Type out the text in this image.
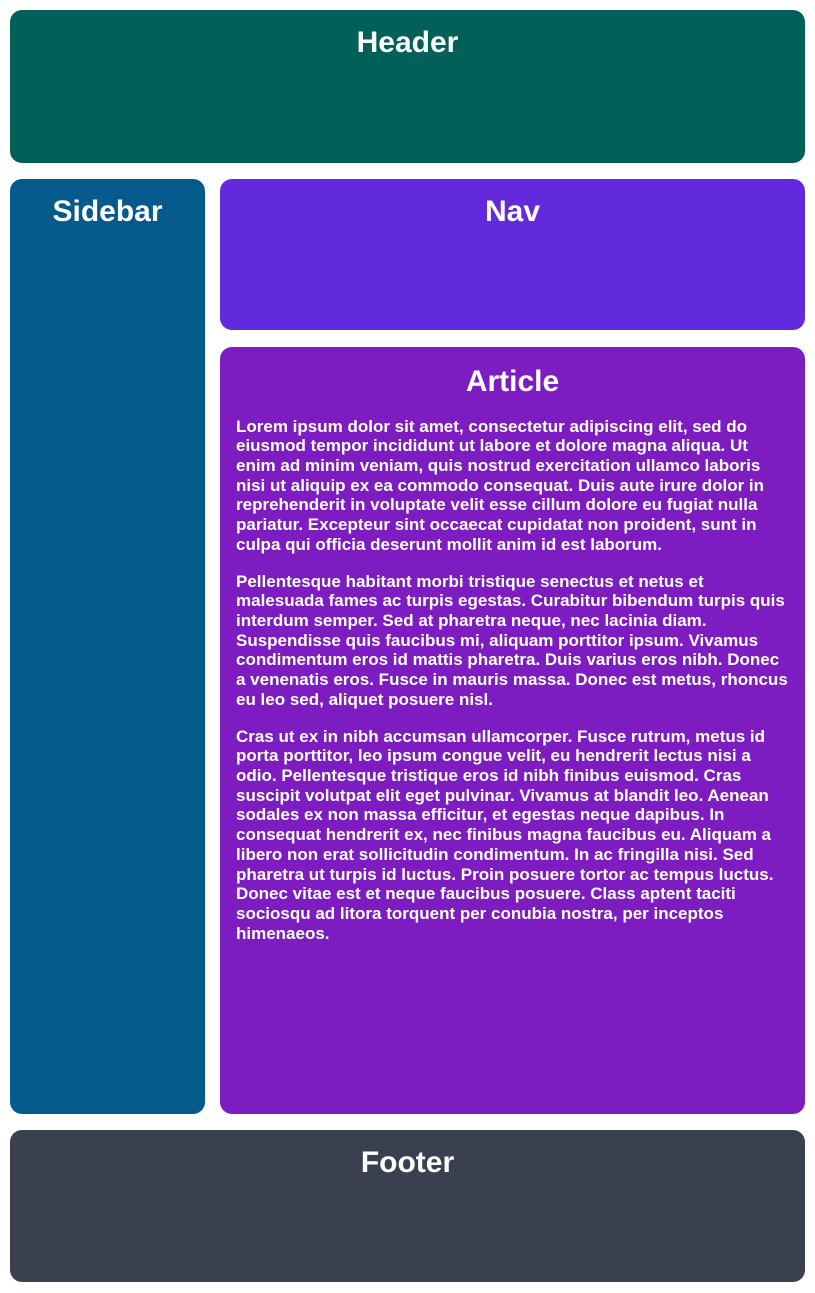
Header
Sidebar	Nav
Article

Lorem ipsum dolor sit amet, consectetur adipiscing elit, sed do eiusmod tempor incididunt ut labore et dolore magna aliqua. Ut enim ad minim veniam, quis nostrud exercitation ullamco laboris nisi ut aliquip ex ea commodo consequat. Duis aute irure dolor in reprehenderit in voluptate velit esse cillum dolore eu fugiat nulla pariatur. Excepteur sint occaecat cupidatat non proident, sunt in culpa qui officia deserunt mollit anim id est laborum.

Pellentesque habitant morbi tristique senectus et netus et malesuada fames ac turpis egestas. Curabitur bibendum turpis quis interdum semper. Sed at pharetra neque, nec lacinia diam. Suspendisse quis faucibus mi, aliquam porttitor ipsum. Vivamus condimentum eros id mattis pharetra. Duis varius eros nibh. Donec a venenatis eros. Fusce in mauris massa. Donec est metus, rhoncus eu leo sed, aliquet posuere nisl.

Cras ut ex in nibh accumsan ullamcorper. Fusce rutrum, metus id porta porttitor, leo ipsum congue velit, eu hendrerit lectus nisi a odio. Pellentesque tristique eros id nibh finibus euismod. Cras suscipit volutpat elit eget pulvinar. Vivamus at blandit leo. Aenean sodales ex non massa efficitur, et egestas neque dapibus. In consequat hendrerit ex, nec finibus magna faucibus eu. Aliquam a libero non erat sollicitudin condimentum. In ac fringilla nisi. Sed pharetra ut turpis id luctus. Proin posuere tortor ac tempus luctus. Donec vitae est et neque faucibus posuere. Class aptent taciti sociosqu ad litora torquent per conubia nostra, per inceptos himenaeos.

Footer
